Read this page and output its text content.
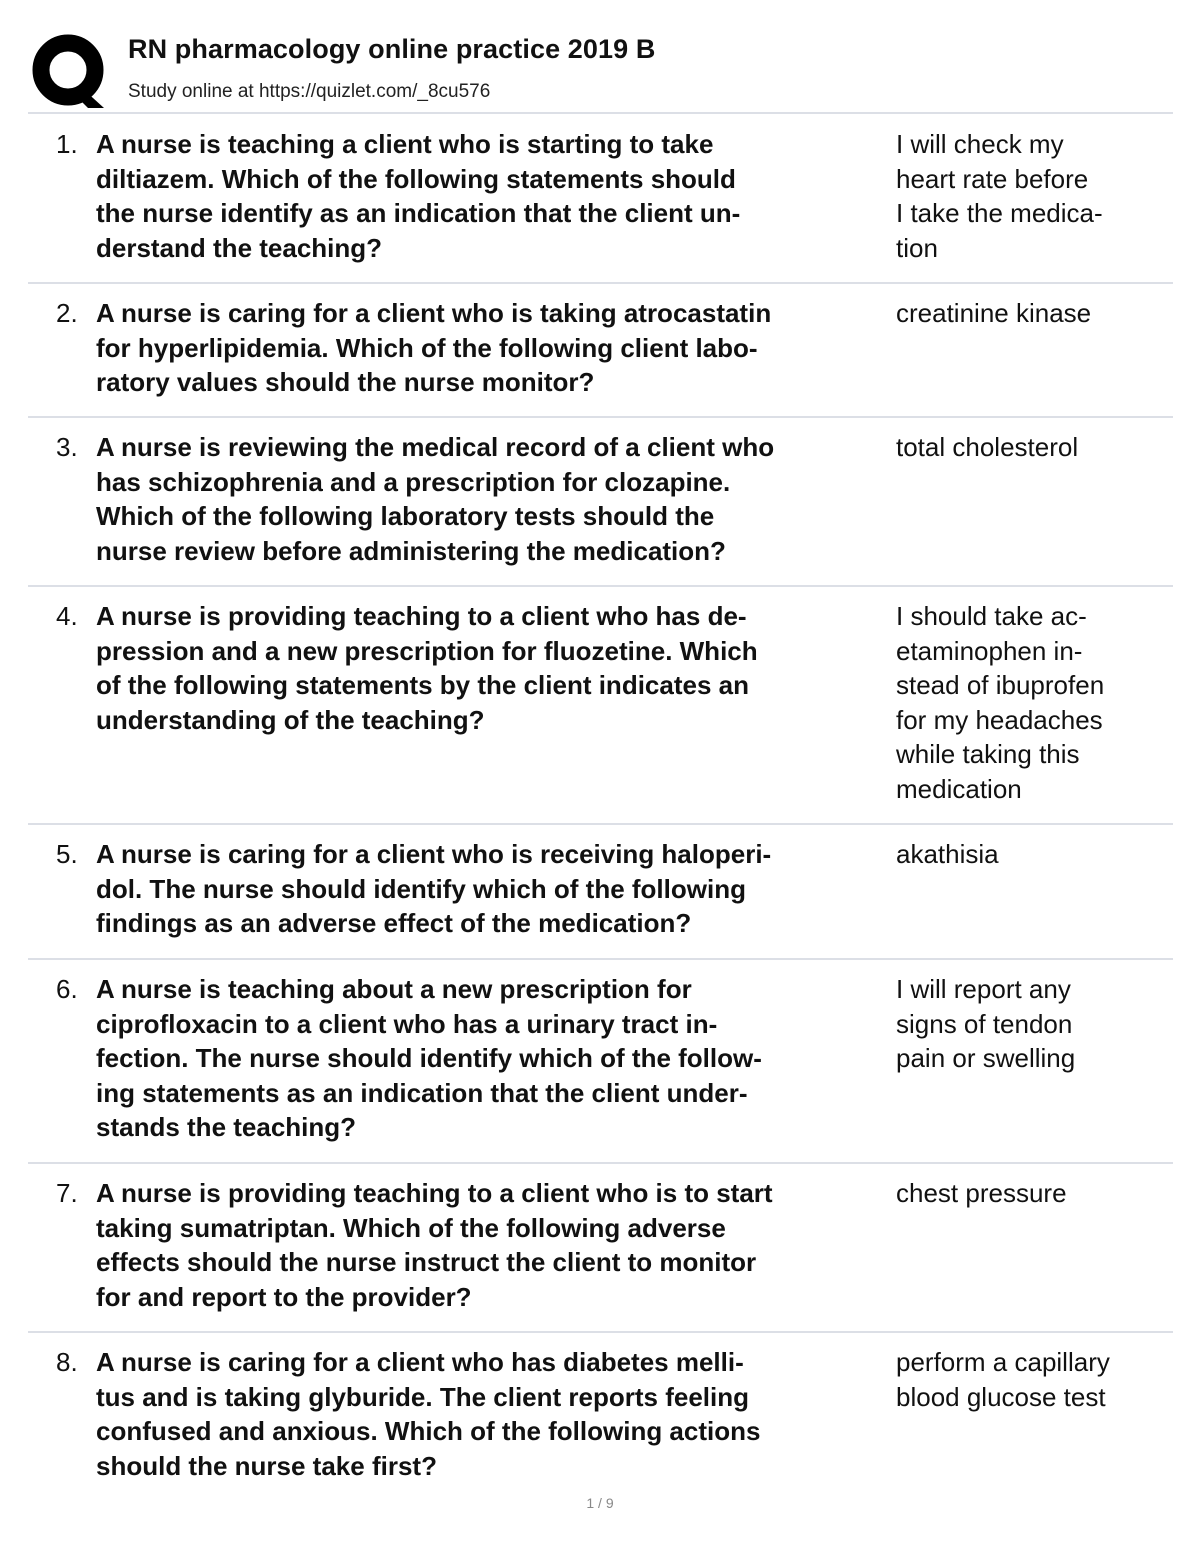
RN pharmacology online practice 2019 B
Study online at https://quizlet.com/_8cu576
1. A nurse is teaching a client who is starting to take
diltiazem. Which of the following statements should
the nurse identify as an indication that the client un-
derstand the teaching?
I will check my
heart rate before
I take the medica-
tion
2. A nurse is caring for a client who is taking atrocastatin
for hyperlipidemia. Which of the following client labo-
ratory values should the nurse monitor?
creatinine kinase
3. A nurse is reviewing the medical record of a client who
has schizophrenia and a prescription for clozapine.
Which of the following laboratory tests should the
nurse review before administering the medication?
total cholesterol
4. A nurse is providing teaching to a client who has de-
pression and a new prescription for fluozetine. Which
of the following statements by the client indicates an
understanding of the teaching?
I should take ac-
etaminophen in-
stead of ibuprofen
for my headaches
while taking this
medication
5. A nurse is caring for a client who is receiving haloperi-
dol. The nurse should identify which of the following
findings as an adverse effect of the medication?
akathisia
6. A nurse is teaching about a new prescription for
ciprofloxacin to a client who has a urinary tract in-
fection. The nurse should identify which of the follow-
ing statements as an indication that the client under-
stands the teaching?
I will report any
signs of tendon
pain or swelling
7. A nurse is providing teaching to a client who is to start
taking sumatriptan. Which of the following adverse
effects should the nurse instruct the client to monitor
for and report to the provider?
chest pressure
8. A nurse is caring for a client who has diabetes melli-
tus and is taking glyburide. The client reports feeling
confused and anxious. Which of the following actions
should the nurse take first?
perform a capillary
blood glucose test
1 / 9
